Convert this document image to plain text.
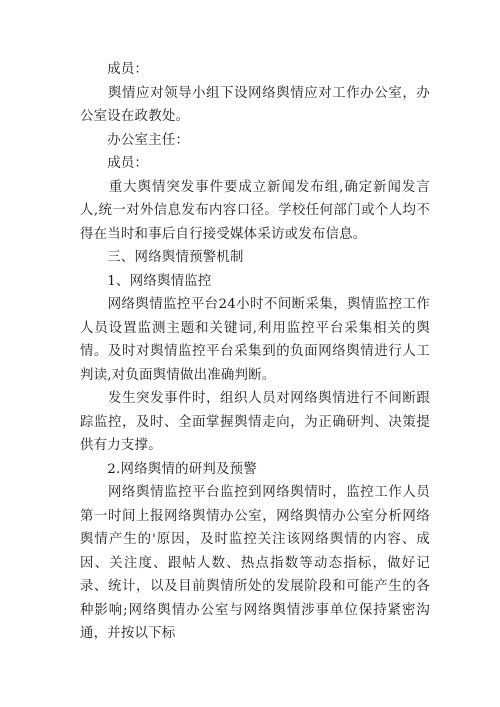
　　成员：

　　舆情应对领导小组下设网络舆情应对工作办公室，办公室设在政教处。

　　办公室主任：

　　成员：

　　重大舆情突发事件要成立新闻发布组,确定新闻发言人,统一对外信息发布内容口径。学校任何部门或个人均不得在当时和事后自行接受媒体采访或发布信息。

　　三、网络舆情预警机制

　　1、网络舆情监控

　　网络舆情监控平台24小时不间断采集，舆情监控工作人员设置监测主题和关键词,利用监控平台采集相关的舆情。及时对舆情监控平台采集到的负面网络舆情进行人工判读,对负面舆情做出准确判断。

　　发生突发事件时，组织人员对网络舆情进行不间断跟踪监控，及时、全面掌握舆情走向，为正确研判、决策提供有力支撑。

　　2.网络舆情的研判及预警

　　网络舆情监控平台监控到网络舆情时，监控工作人员第一时间上报网络舆情办公室，网络舆情办公室分析网络舆情产生的'原因，及时监控关注该网络舆情的内容、成因、关注度、跟帖人数、热点指数等动态指标，做好记录、统计，以及目前舆情所处的发展阶段和可能产生的各种影响;网络舆情办公室与网络舆情涉事单位保持紧密沟通，并按以下标
